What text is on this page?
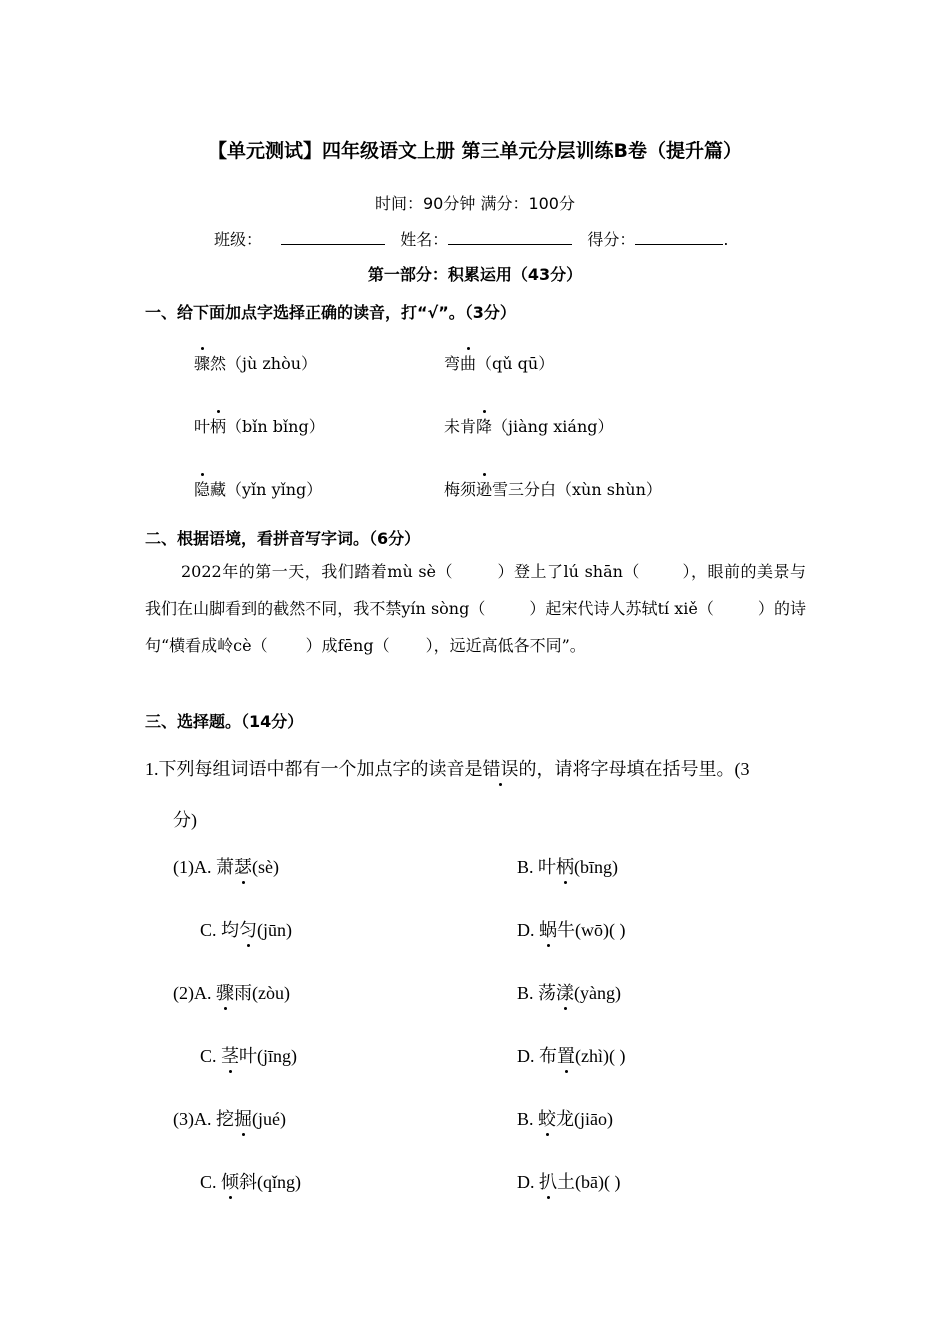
【单元测试】四年级语文上册 第三单元分层训练B卷（提升篇）
时间：90分钟 满分：100分
班级：	姓名：	得分：	.
第一部分：积累运用（43分）
一、给下面加点字选择正确的读音，打“√”。（3分）
骤然（jù zhòu）	弯曲（qǔ qū）
叶柄（bǐn bǐng）	未肯降（jiàng xiáng）
隐藏（yǐn yǐng）	梅须逊雪三分白（xùn shùn）
二、根据语境，看拼音写字词。（6分）
2022年的第一天，我们踏着mù sè（	）登上了lú shān（	），眼前的美景与我们在山脚看到的截然不同，我不禁yín sòng（	）起宋代诗人苏轼tí xiě（	）的诗句“横看成岭cè（ ）成fēng（ ），远近高低各不同”。
三、选择题。（14分）
1.下列每组词语中都有一个加点字的读音是错误的，请将字母填在括号里。(3
分)
(1)A. 萧瑟(sè)	B. 叶柄(bīng)
C. 均匀(jūn)	D. 蜗牛(wō)( )
(2)A. 骤雨(zòu)	B. 荡漾(yàng)
C. 茎叶(jīng)	D. 布置(zhì)( )
(3)A. 挖掘(jué)	B. 蛟龙(jiāo)
C. 倾斜(qǐng)	D. 扒土(bā)( )
